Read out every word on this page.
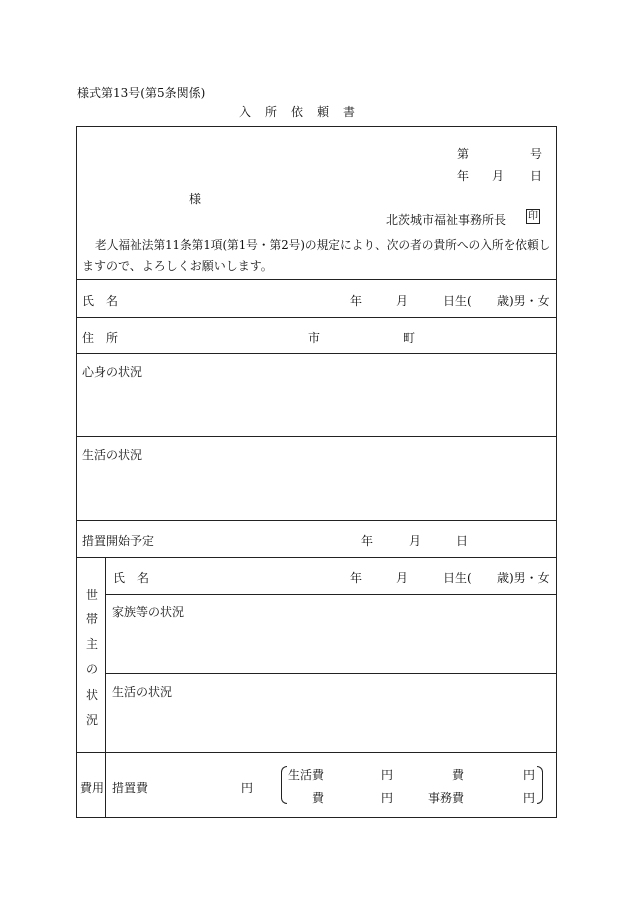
様式第13号(第5条関係)
入　所　依　頼　書
第	号
年 月 日
様
北茨城市福祉事務所長 印
老人福祉法第11条第1項(第1号・第2号)の規定により、次の者の貴所への入所を依頼し
ますので、よろしくお願いします。
氏　名	年	月	日生( 歳)男・女
住　所	市	町
心身の状況
生活の状況
措置開始予定	年	月	日
世
帯
主
の
状
況
氏　名	年	月	日生( 歳)男・女
家族等の状況
生活の状況
費用 措置費	円
生活費	円	費	円
費	円	事務費	円
